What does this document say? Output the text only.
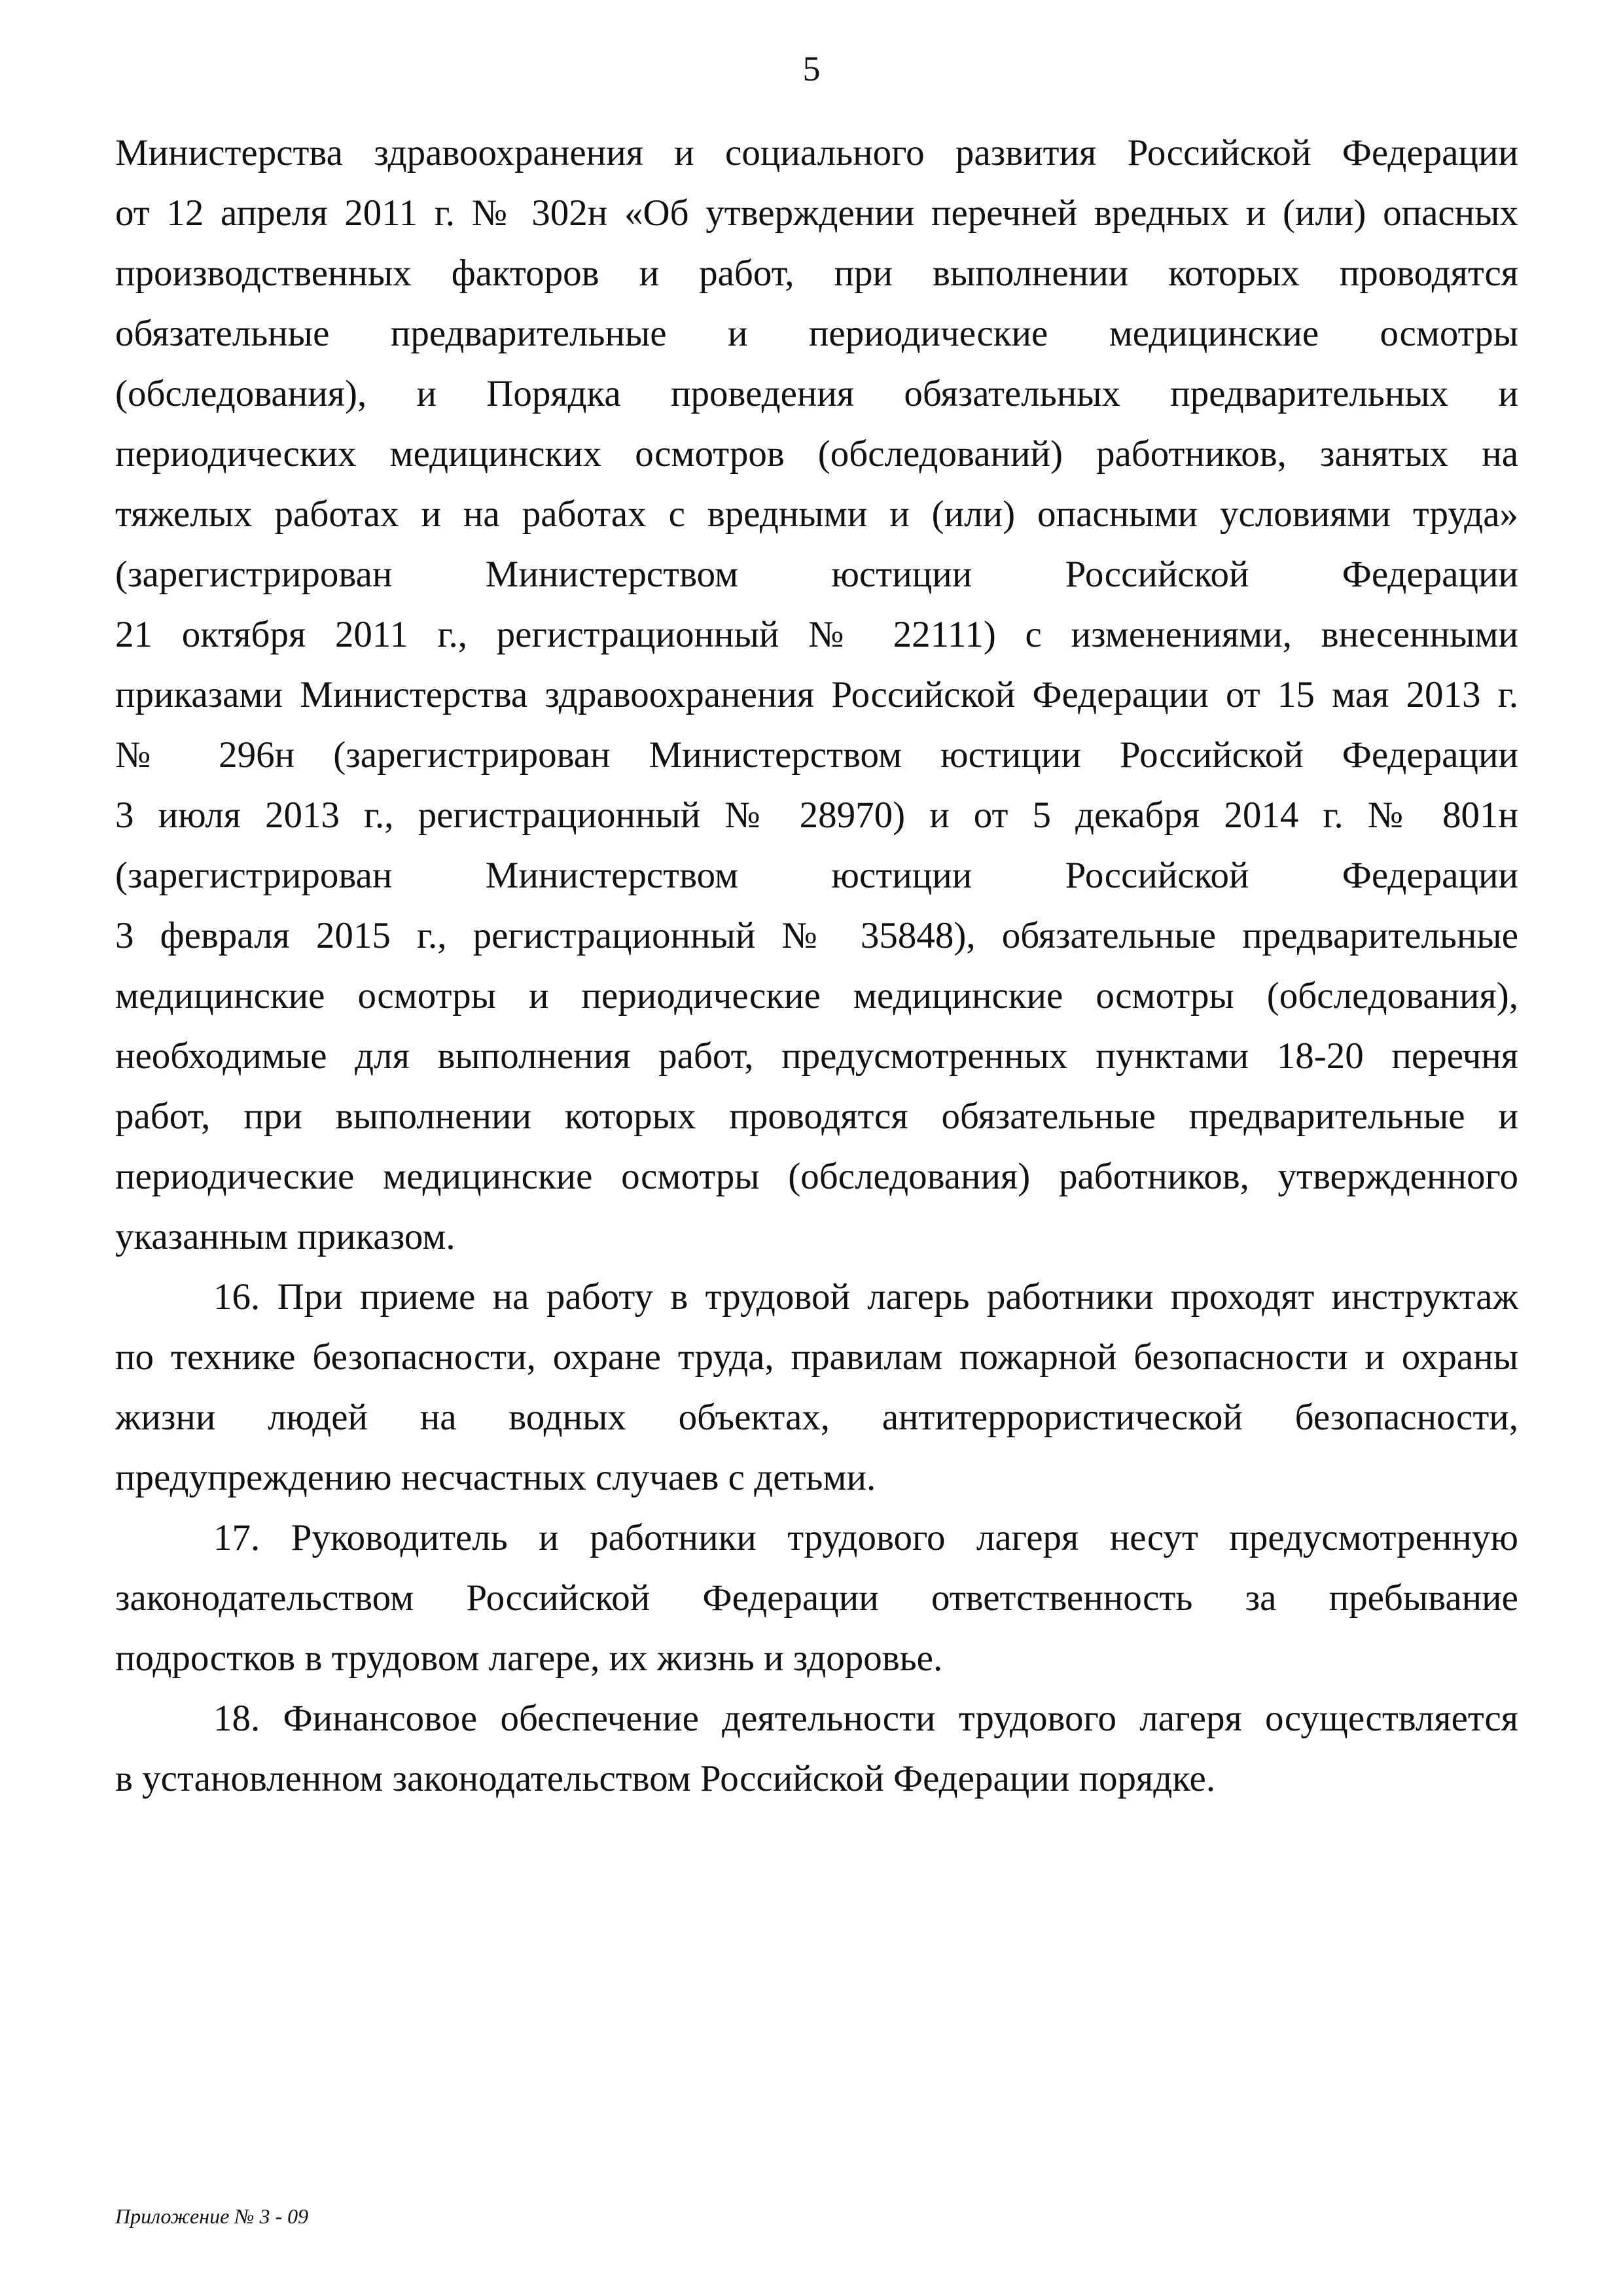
5
Министерства здравоохранения и социального развития Российской Федерации
от 12 апреля 2011 г. № 302н «Об утверждении перечней вредных и (или) опасных
производственных факторов и работ, при выполнении которых проводятся
обязательные предварительные и периодические медицинские осмотры
(обследования), и Порядка проведения обязательных предварительных и
периодических медицинских осмотров (обследований) работников, занятых на
тяжелых работах и на работах с вредными и (или) опасными условиями труда»
(зарегистрирован Министерством юстиции Российской Федерации
21 октября 2011 г., регистрационный № 22111) с изменениями, внесенными
приказами Министерства здравоохранения Российской Федерации от 15 мая 2013 г.
№ 296н (зарегистрирован Министерством юстиции Российской Федерации
3 июля 2013 г., регистрационный № 28970) и от 5 декабря 2014 г. № 801н
(зарегистрирован Министерством юстиции Российской Федерации
3 февраля 2015 г., регистрационный № 35848), обязательные предварительные
медицинские осмотры и периодические медицинские осмотры (обследования),
необходимые для выполнения работ, предусмотренных пунктами 18-20 перечня
работ, при выполнении которых проводятся обязательные предварительные и
периодические медицинские осмотры (обследования) работников, утвержденного
указанным приказом.
16. При приеме на работу в трудовой лагерь работники проходят инструктаж
по технике безопасности, охране труда, правилам пожарной безопасности и охраны
жизни людей на водных объектах, антитеррористической безопасности,
предупреждению несчастных случаев с детьми.
17. Руководитель и работники трудового лагеря несут предусмотренную
законодательством Российской Федерации ответственность за пребывание
подростков в трудовом лагере, их жизнь и здоровье.
18. Финансовое обеспечение деятельности трудового лагеря осуществляется
в установленном законодательством Российской Федерации порядке.
Приложение № 3 - 09
